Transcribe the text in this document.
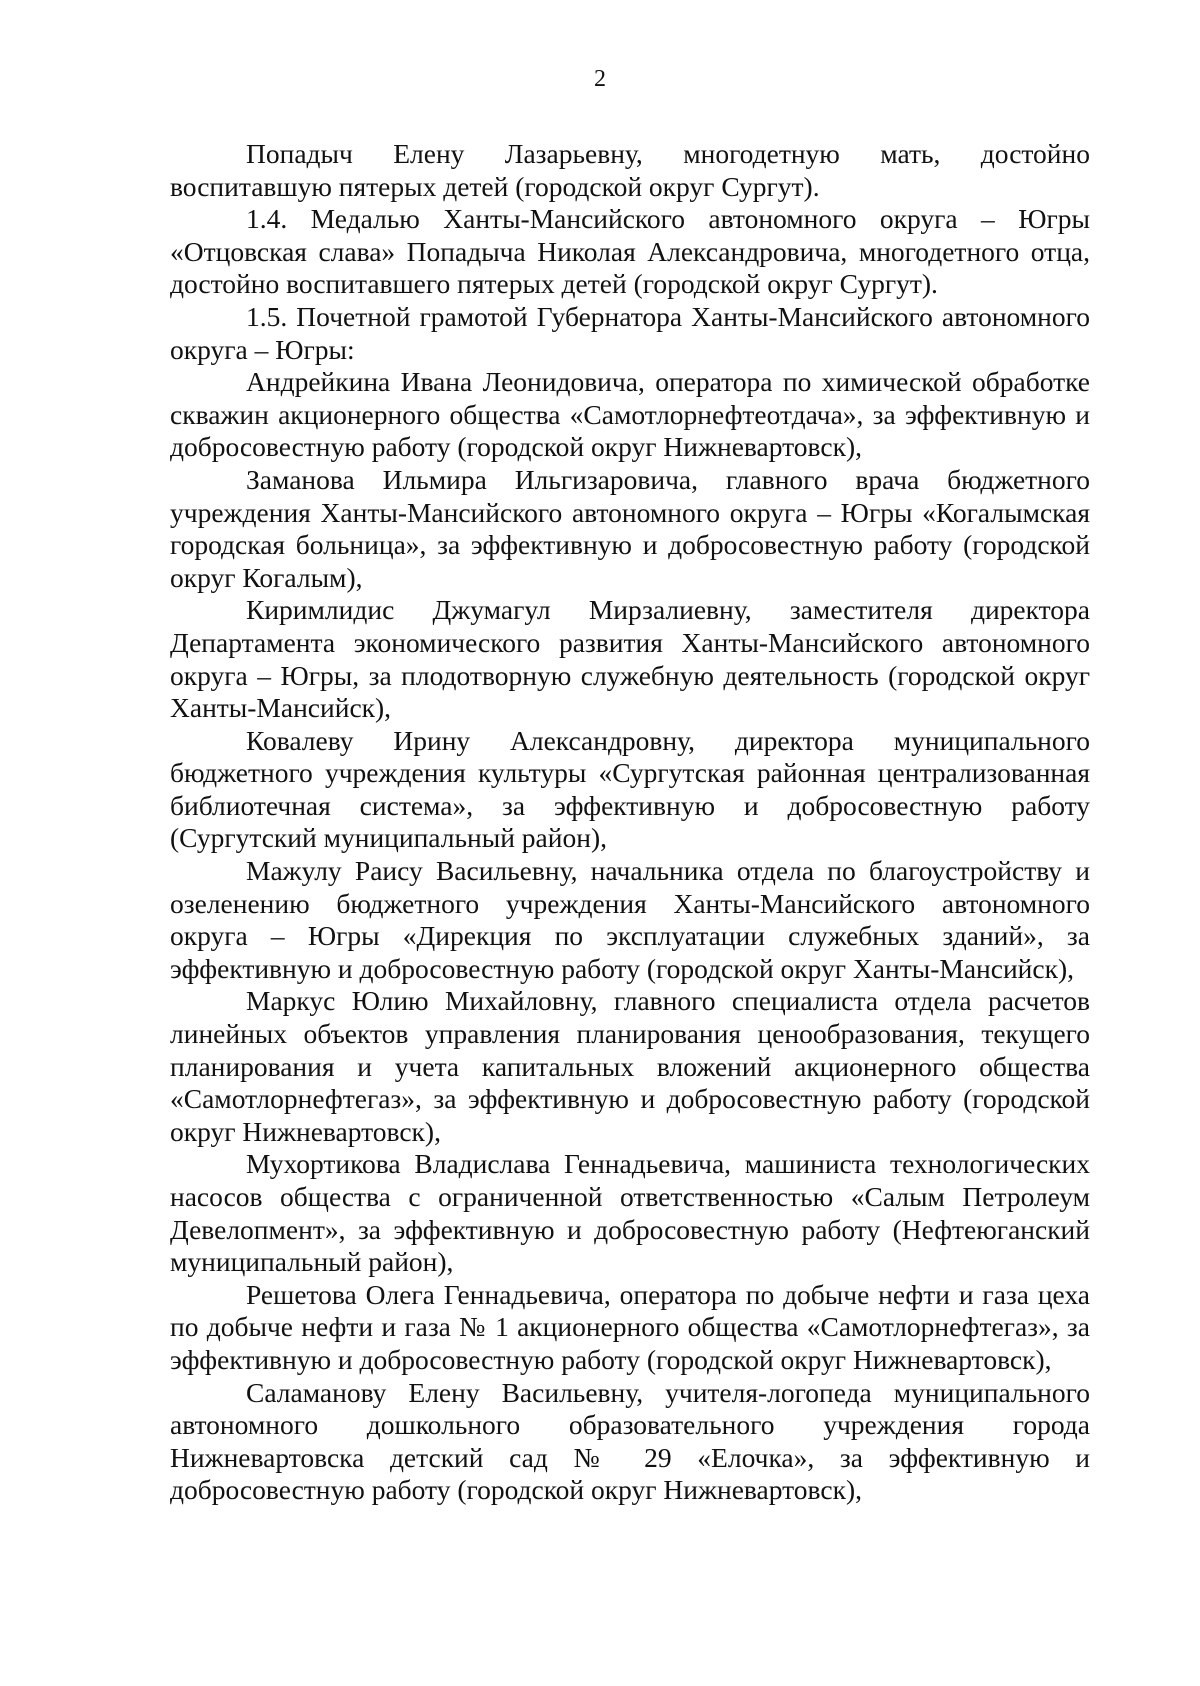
2

Попадыч Елену Лазарьевну, многодетную мать, достойно воспитавшую пятерых детей (городской округ Сургут).

1.4. Медалью Ханты-Мансийского автономного округа – Югры «Отцовская слава» Попадыча Николая Александровича, многодетного отца, достойно воспитавшего пятерых детей (городской округ Сургут).

1.5. Почетной грамотой Губернатора Ханты-Мансийского автономного округа – Югры:

Андрейкина Ивана Леонидовича, оператора по химической обработке скважин акционерного общества «Самотлорнефтеотдача», за эффективную и добросовестную работу (городской округ Нижневартовск),

Заманова Ильмира Ильгизаровича, главного врача бюджетного учреждения Ханты-Мансийского автономного округа – Югры «Когалымская городская больница», за эффективную и добросовестную работу (городской округ Когалым),

Киримлидис Джумагул Мирзалиевну, заместителя директора Департамента экономического развития Ханты-Мансийского автономного округа – Югры, за плодотворную служебную деятельность (городской округ Ханты-Мансийск),

Ковалеву Ирину Александровну, директора муниципального бюджетного учреждения культуры «Сургутская районная централизованная библиотечная система», за эффективную и добросовестную работу (Сургутский муниципальный район),

Мажулу Раису Васильевну, начальника отдела по благоустройству и озеленению бюджетного учреждения Ханты-Мансийского автономного округа – Югры «Дирекция по эксплуатации служебных зданий», за эффективную и добросовестную работу (городской округ Ханты-Мансийск),

Маркус Юлию Михайловну, главного специалиста отдела расчетов линейных объектов управления планирования ценообразования, текущего планирования и учета капитальных вложений акционерного общества «Самотлорнефтегаз», за эффективную и добросовестную работу (городской округ Нижневартовск),

Мухортикова Владислава Геннадьевича, машиниста технологических насосов общества с ограниченной ответственностью «Салым Петролеум Девелопмент», за эффективную и добросовестную работу (Нефтеюганский муниципальный район),

Решетова Олега Геннадьевича, оператора по добыче нефти и газа цеха по добыче нефти и газа № 1 акционерного общества «Самотлорнефтегаз», за эффективную и добросовестную работу (городской округ Нижневартовск),

Саламанову Елену Васильевну, учителя-логопеда муниципального автономного дошкольного образовательного учреждения города Нижневартовска детский сад № 29 «Елочка», за эффективную и добросовестную работу (городской округ Нижневартовск),
